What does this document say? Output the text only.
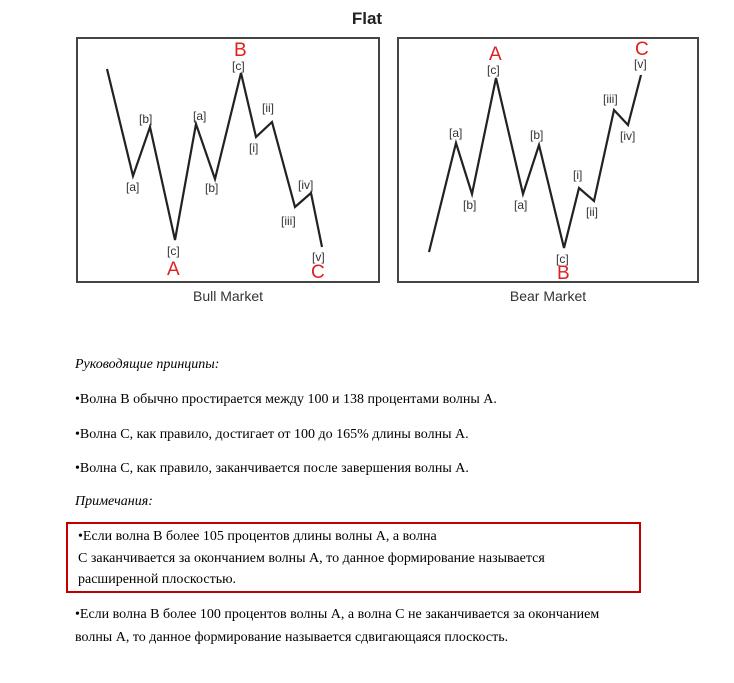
Flat
[a]
[b]
[c]
[a]
[b]
[c]
[i]
[ii]
[iii]
[iv]
[v]
A
B
C
[a]
[b]
[c]
[a]
[b]
[c]
[i]
[ii]
[iii]
[iv]
[v]
A
B
C
Bull Market	Bear Market
Руководящие принципы:
•Волна В обычно простирается между 100 и 138 процентами волны А.
•Волна С, как правило, достигает от 100 до 165% длины волны А.
•Волна С, как правило, заканчивается после завершения волны А.
Примечания:
•Если волна В более 105 процентов длины волны А, а волна
С заканчивается за окончанием волны А, то данное формирование называется
расширенной плоскостью.
•Если волна В более 100 процентов волны А, а волна С не заканчивается за окончанием
волны А, то данное формирование называется сдвигающаяся плоскость.
